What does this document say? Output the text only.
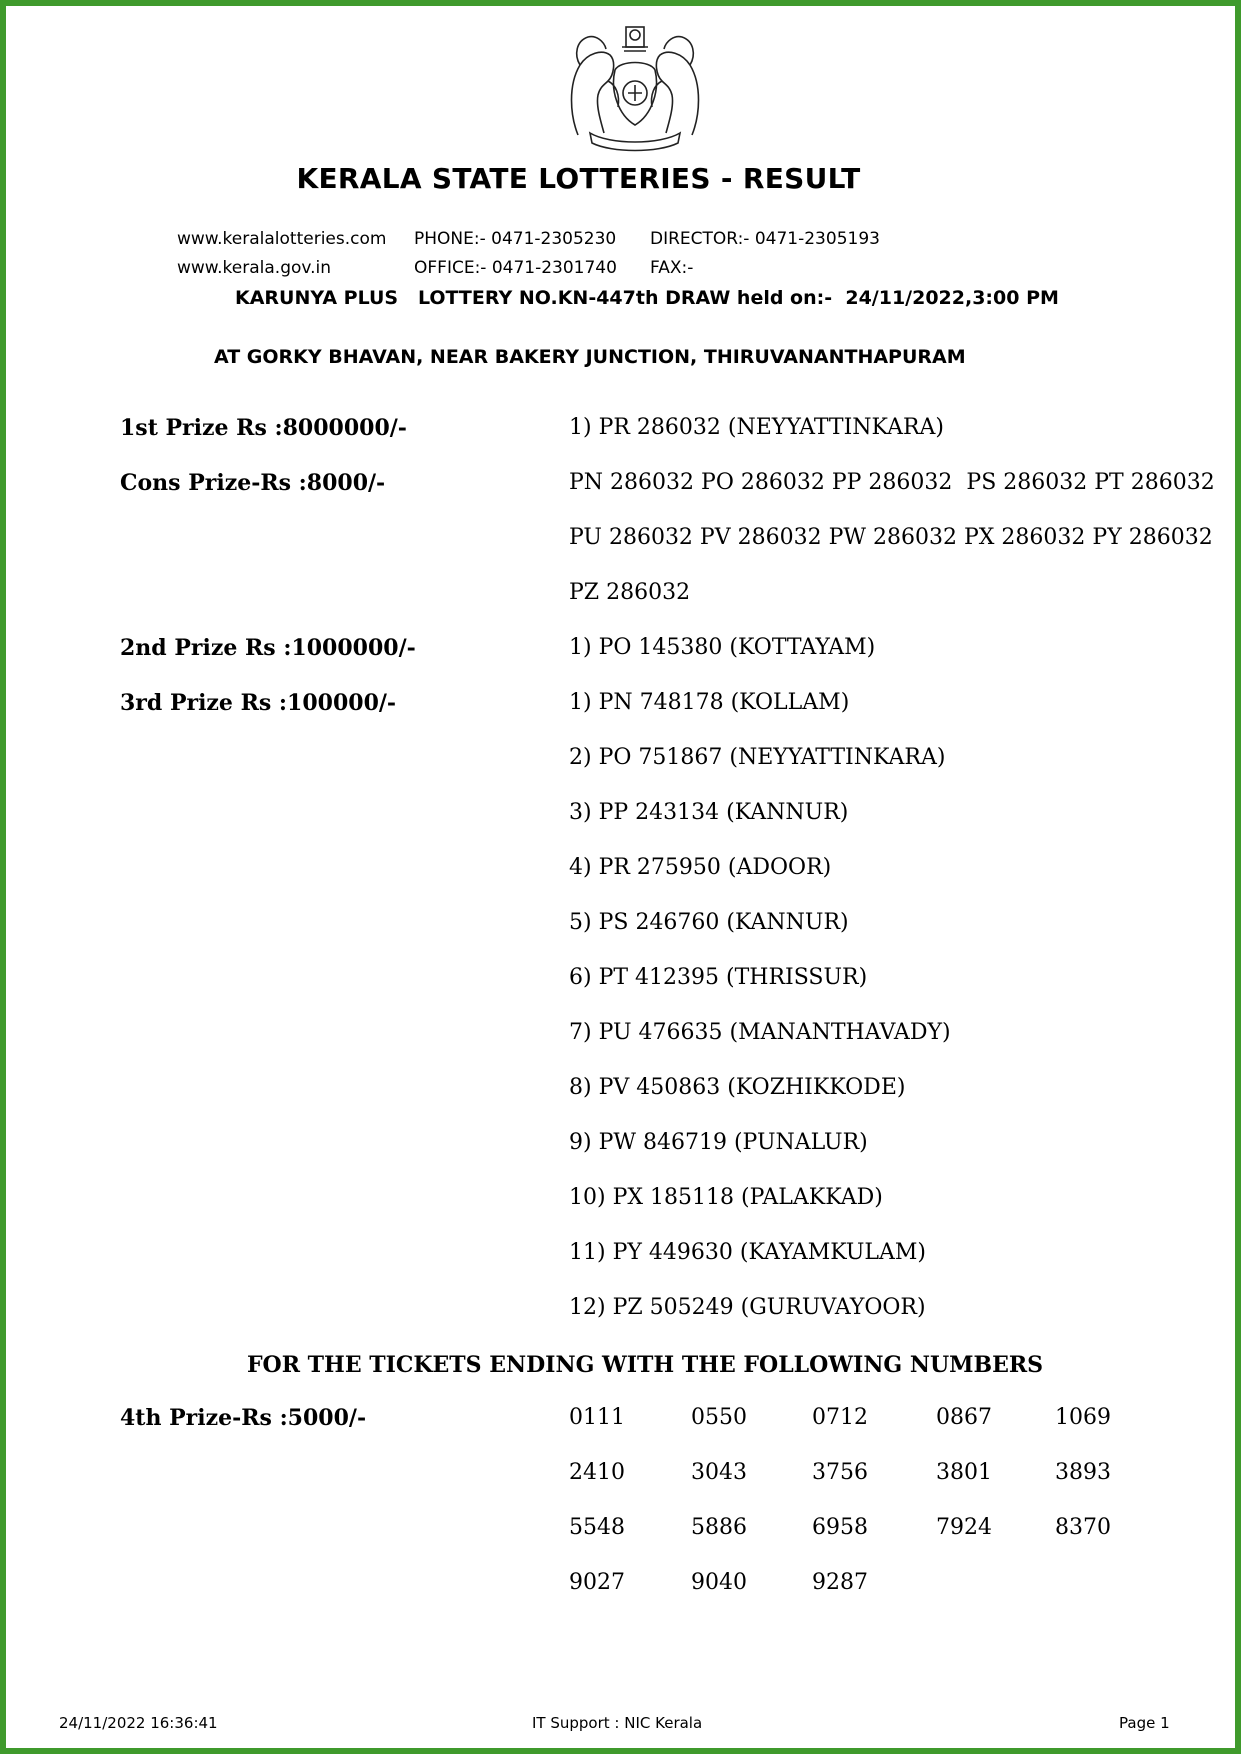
KERALA STATE LOTTERIES - RESULT
www.keralalotteries.com
www.kerala.gov.in
PHONE:- 0471-2305230
OFFICE:- 0471-2301740
DIRECTOR:- 0471-2305193
FAX:-
KARUNYA PLUS   LOTTERY NO.KN-447th DRAW held on:-  24/11/2022,3:00 PM
AT GORKY BHAVAN, NEAR BAKERY JUNCTION, THIRUVANANTHAPURAM
1st Prize Rs :8000000/-	1) PR 286032 (NEYYATTINKARA)
Cons Prize-Rs :8000/-	PN 286032 PO 286032 PP 286032  PS 286032 PT 286032
PU 286032 PV 286032 PW 286032 PX 286032 PY 286032
PZ 286032
2nd Prize Rs :1000000/-	1) PO 145380 (KOTTAYAM)
3rd Prize Rs :100000/-	1) PN 748178 (KOLLAM)
2) PO 751867 (NEYYATTINKARA)
3) PP 243134 (KANNUR)
4) PR 275950 (ADOOR)
5) PS 246760 (KANNUR)
6) PT 412395 (THRISSUR)
7) PU 476635 (MANANTHAVADY)
8) PV 450863 (KOZHIKKODE)
9) PW 846719 (PUNALUR)
10) PX 185118 (PALAKKAD)
11) PY 449630 (KAYAMKULAM)
12) PZ 505249 (GURUVAYOOR)
FOR THE TICKETS ENDING WITH THE FOLLOWING NUMBERS
4th Prize-Rs :5000/-	0111	0550	0712	0867	1069
2410	3043	3756	3801	3893
5548	5886	6958	7924	8370
9027	9040	9287
24/11/2022 16:36:41	IT Support : NIC Kerala	Page 1
